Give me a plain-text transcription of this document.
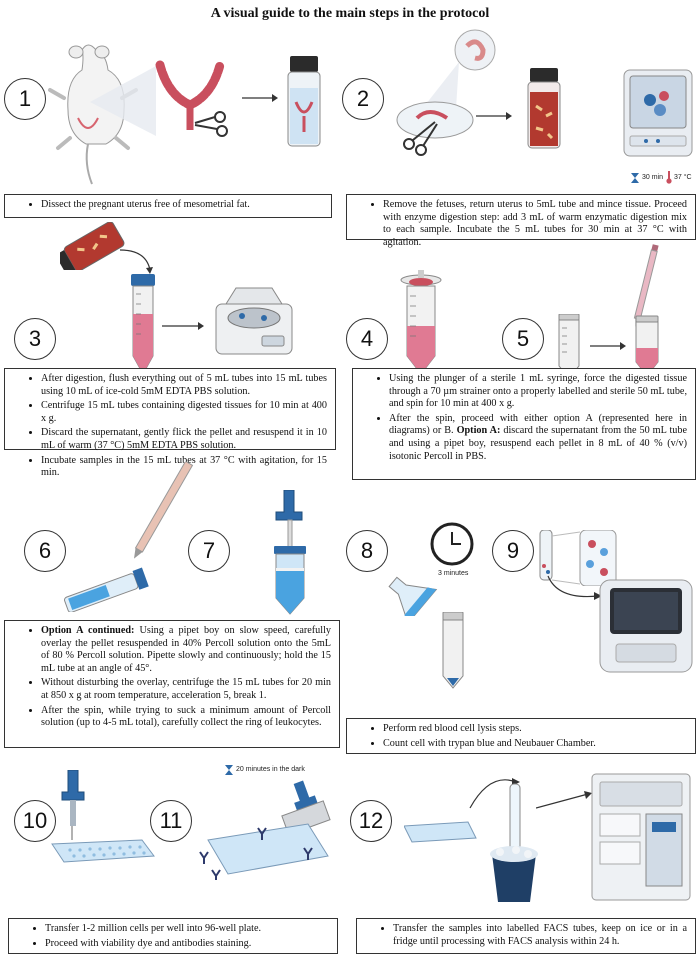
A visual guide to the main steps in the protocol
1	2
3	4	5
6	7	8	9
10	11	12
30 min 37 °C
• Dissect the pregnant uterus free of mesometrial fat.
•	Remove the fetuses, return uterus to 5mL tube and mince tissue. Proceed with enzyme digestion step: add 3 mL of warm enzymatic digestion mix to each sample. Incubate the 5 mL tubes for 30 min at 37 °C with agitation.
• After digestion, flush everything out of 5 mL tubes into 15 mL tubes using 10 mL of ice-cold 5mM EDTA PBS solution.
• Centrifuge 15 mL tubes containing digested tissues for 10 min at 400 x g.
• Discard the supernatant, gently flick the pellet and resuspend it in 10 mL of warm (37 °C) 5mM EDTA PBS solution.
• Incubate samples in the 15 mL tubes at 37 °C with agitation, for 15 min.
• Using the plunger of a sterile 1 mL syringe, force the digested tissue through a 70 µm strainer onto a properly labelled and sterile 50 mL tube, and spin for 10 min at 400 x g.
• After the spin, proceed with either option A (represented here in diagrams) or B. Option A: discard the supernatant from the 50 mL tube and using a pipet boy, resuspend each pellet in 8 mL of 40 % (v/v) isotonic Percoll in PBS.
3 minutes
• Option A continued: Using a pipet boy on slow speed, carefully overlay the pellet resuspended in 40% Percoll solution onto the 5mL of 80 % Percoll solution. Pipette slowly and continuously; hold the 15 mL tube at an angle of 45°.
• Without disturbing the overlay, centrifuge the 15 mL tubes for 20 min at 850 x g at room temperature, acceleration 5, break 1.
• After the spin, while trying to suck a minimum amount of Percoll solution (up to 4-5 mL total), carefully collect the ring of leukocytes.
• Perform red blood cell lysis steps.
• Count cell with trypan blue and Neubauer Chamber.
20 minutes in the dark
• Transfer 1-2 million cells per well into 96-well plate.
• Proceed with viability dye and antibodies staining.
• Transfer the samples into labelled FACS tubes, keep on ice or in a fridge until processing with FACS analysis within 24 h.
